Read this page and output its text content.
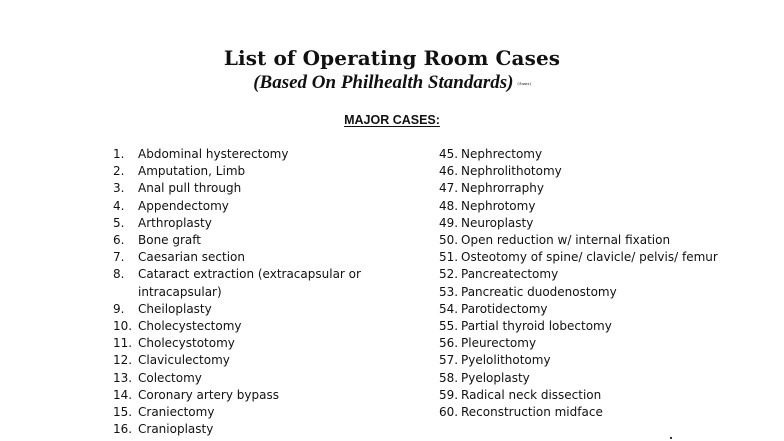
List of Operating Room Cases
(Based On Philhealth Standards) (Annex)
MAJOR CASES:
1.	Abdominal hysterectomy
2.	Amputation, Limb
3.	Anal pull through
4.	Appendectomy
5.	Arthroplasty
6.	Bone graft
7.	Caesarian section
8.	Cataract extraction (extracapsular or intracapsular)
9.	Cheiloplasty
10. Cholecystectomy
11. Cholecystotomy
12. Claviculectomy
13. Colectomy
14. Coronary artery bypass
15. Craniectomy
16. Cranioplasty
45. Nephrectomy
46. Nephrolithotomy
47. Nephrorraphy
48. Nephrotomy
49. Neuroplasty
50. Open reduction w/ internal fixation
51. Osteotomy of spine/ clavicle/ pelvis/ femur
52. Pancreatectomy
53. Pancreatic duodenostomy
54. Parotidectomy
55. Partial thyroid lobectomy
56. Pleurectomy
57. Pyelolithotomy
58. Pyeloplasty
59. Radical neck dissection
60. Reconstruction midface
